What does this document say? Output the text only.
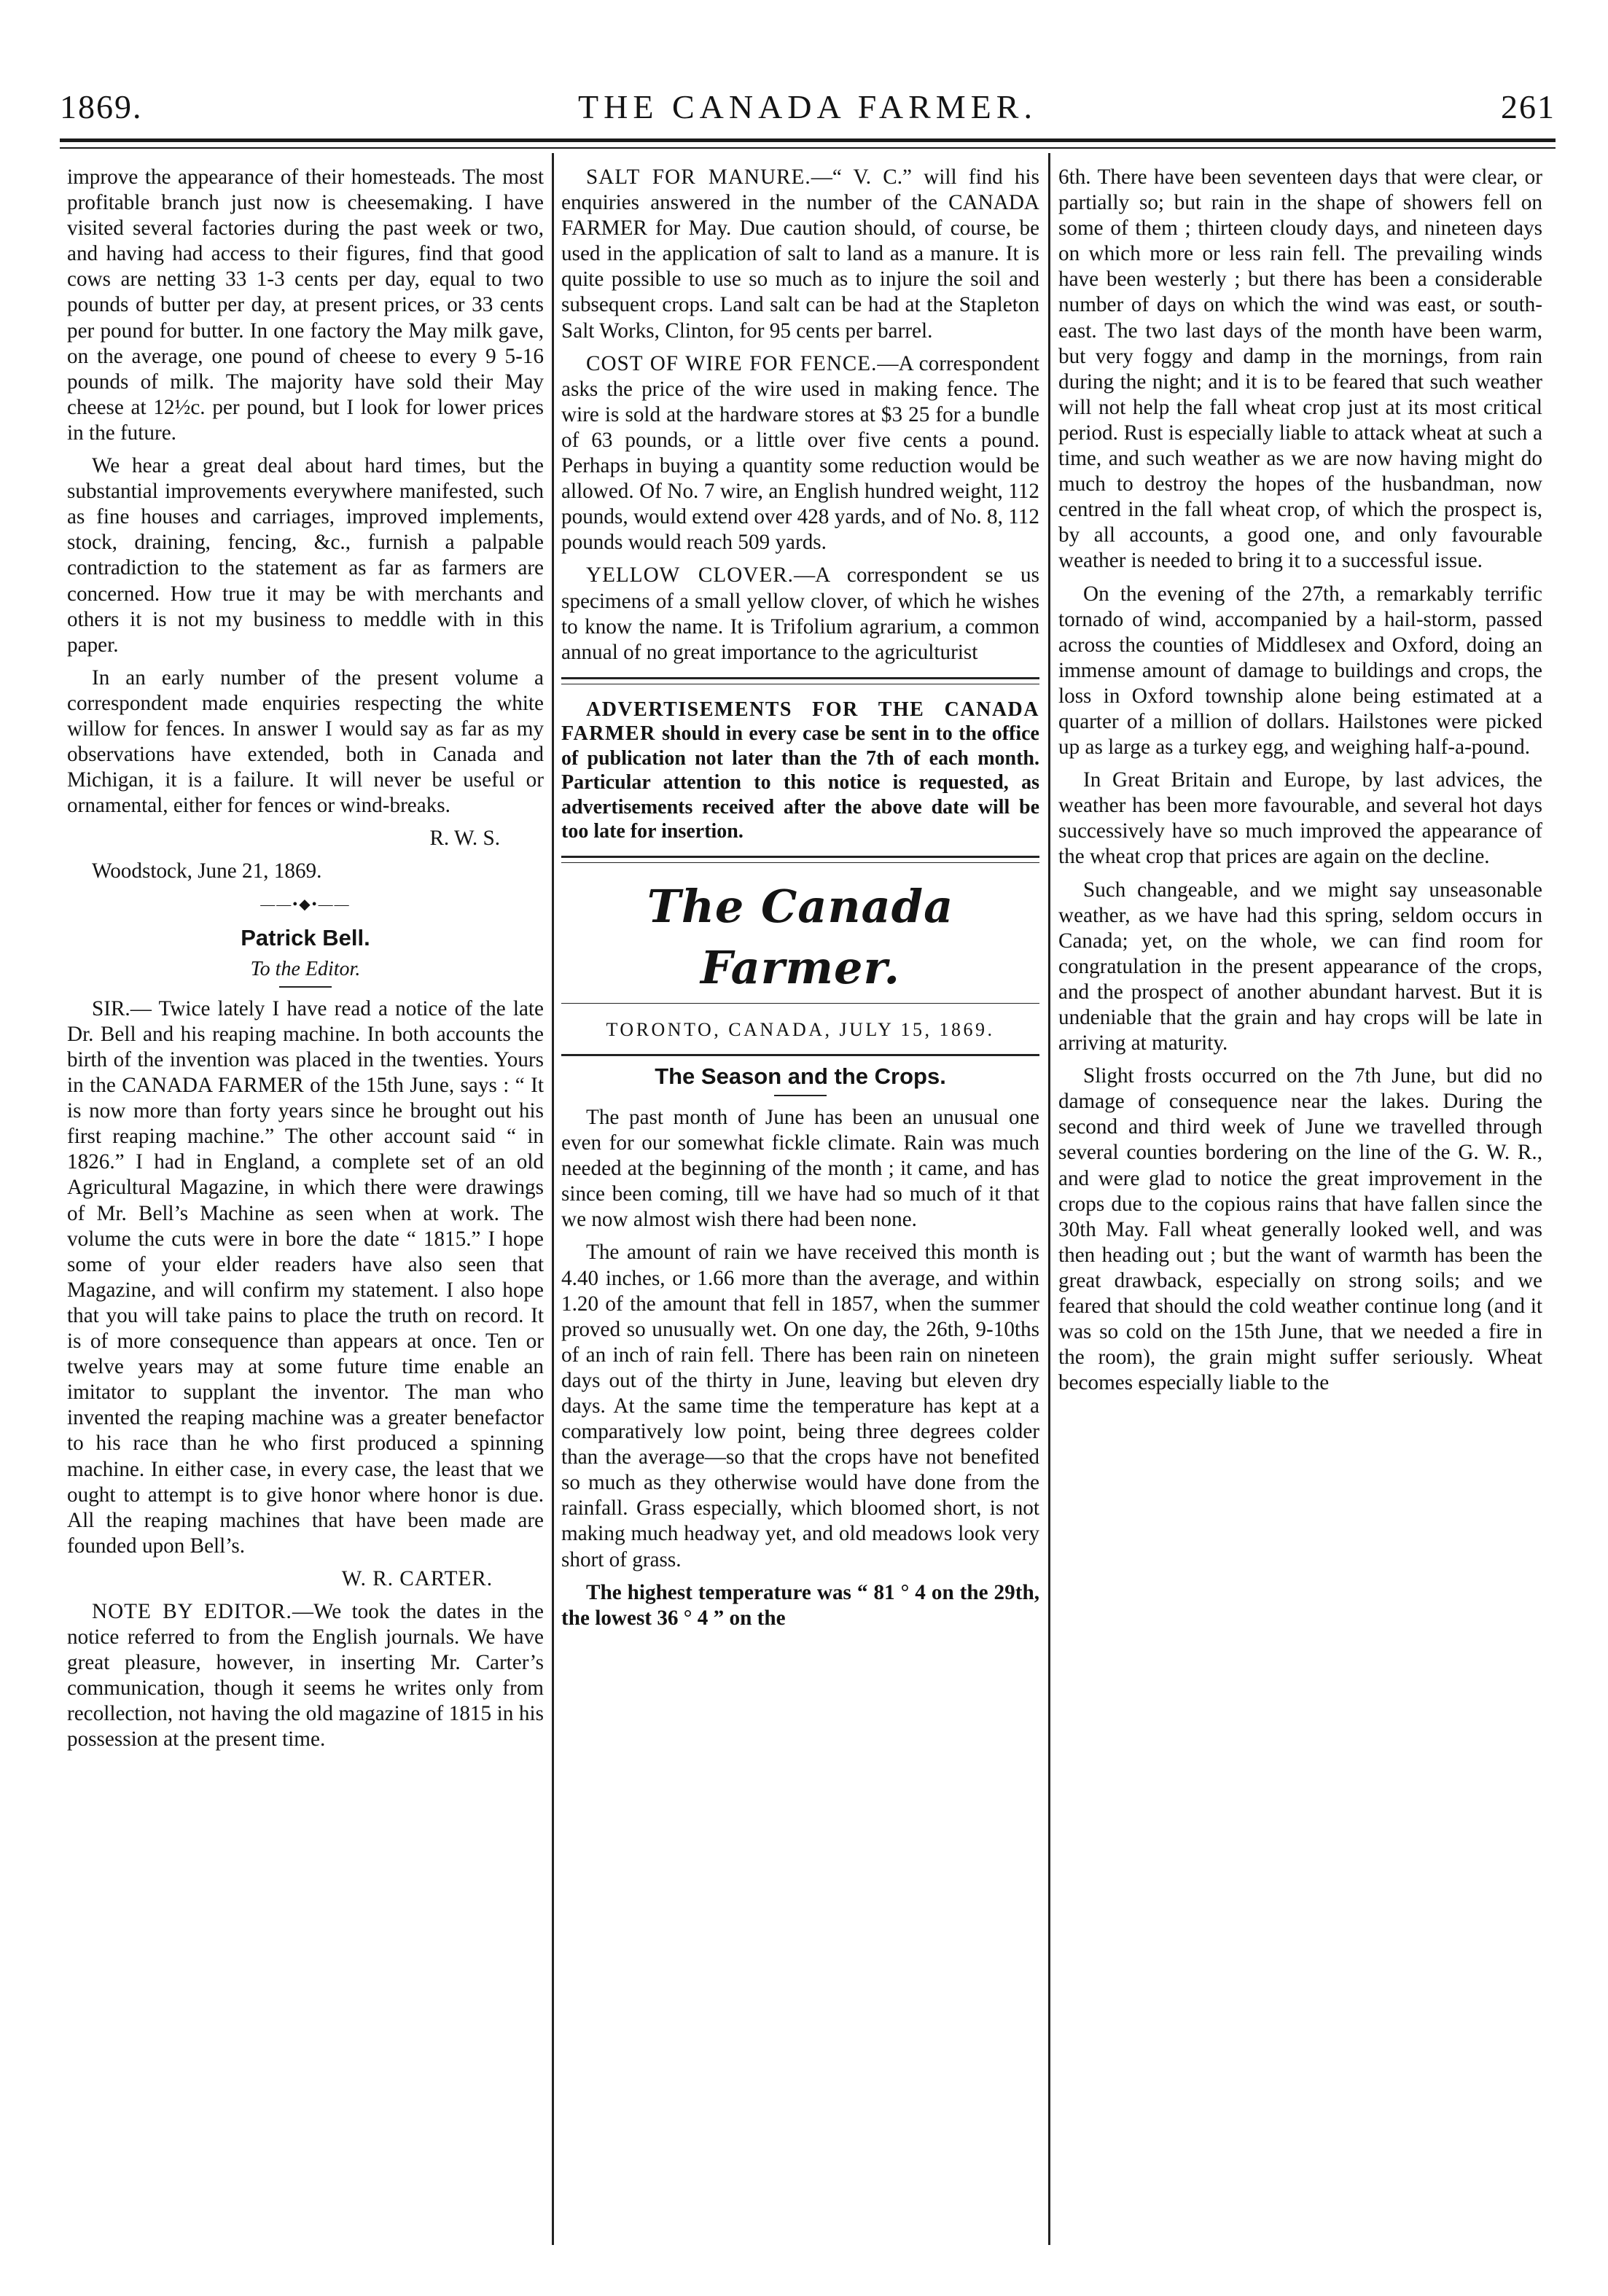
1869.	THE CANADA FARMER.	261

improve the appearance of their homesteads. The most profitable branch just now is cheesemaking. I have visited several factories during the past week or two, and having had access to their figures, find that good cows are netting 33 1-3 cents per day, equal to two pounds of butter per day, at present prices, or 33 cents per pound for butter. In one factory the May milk gave, on the average, one pound of cheese to every 9 5-16 pounds of milk. The majority have sold their May cheese at 12½c. per pound, but I look for lower prices in the future.

We hear a great deal about hard times, but the substantial improvements everywhere manifested, such as fine houses and carriages, improved implements, stock, draining, fencing, &c., furnish a palpable contradiction to the statement as far as farmers are concerned. How true it may be with merchants and others it is not my business to meddle with in this paper.

In an early number of the present volume a correspondent made enquiries respecting the white willow for fences. In answer I would say as far as my observations have extended, both in Canada and Michigan, it is a failure. It will never be useful or ornamental, either for fences or wind-breaks.

R. W. S.

Woodstock, June 21, 1869.

——•◆•——
Patrick Bell.
To the Editor.

SIR.— Twice lately I have read a notice of the late Dr. Bell and his reaping machine. In both accounts the birth of the invention was placed in the twenties. Yours in the CANADA FARMER of the 15th June, says : “ It is now more than forty years since he brought out his first reaping machine.” The other account said “ in 1826.” I had in England, a complete set of an old Agricultural Magazine, in which there were drawings of Mr. Bell’s Machine as seen when at work. The volume the cuts were in bore the date “ 1815.” I hope some of your elder readers have also seen that Magazine, and will confirm my statement. I also hope that you will take pains to place the truth on record. It is of more consequence than appears at once. Ten or twelve years may at some future time enable an imitator to supplant the inventor. The man who invented the reaping machine was a greater benefactor to his race than he who first produced a spinning machine. In either case, in every case, the least that we ought to attempt is to give honor where honor is due. All the reaping machines that have been made are founded upon Bell’s.

W. R. CARTER.

NOTE BY EDITOR.—We took the dates in the notice referred to from the English journals. We have great pleasure, however, in inserting Mr. Carter’s communication, though it seems he writes only from recollection, not having the old magazine of 1815 in his possession at the present time.

SALT FOR MANURE.—“ V. C.” will find his enquiries answered in the number of the CANADA FARMER for May. Due caution should, of course, be used in the application of salt to land as a manure. It is quite possible to use so much as to injure the soil and subsequent crops. Land salt can be had at the Stapleton Salt Works, Clinton, for 95 cents per barrel.

COST OF WIRE FOR FENCE.—A correspondent asks the price of the wire used in making fence. The wire is sold at the hardware stores at $3 25 for a bundle of 63 pounds, or a little over five cents a pound. Perhaps in buying a quantity some reduction would be allowed. Of No. 7 wire, an English hundred weight, 112 pounds, would extend over 428 yards, and of No. 8, 112 pounds would reach 509 yards.

YELLOW CLOVER.—A correspondent se us specimens of a small yellow clover, of which he wishes to know the name. It is Trifolium agrarium, a common annual of no great importance to the agriculturist

ADVERTISEMENTS FOR THE CANADA FARMER should in every case be sent in to the office of publication not later than the 7th of each month. Particular attention to this notice is requested, as advertisements received after the above date will be too late for insertion.

The Canada Farmer.
TORONTO, CANADA, JULY 15, 1869.
The Season and the Crops.

The past month of June has been an unusual one even for our somewhat fickle climate. Rain was much needed at the beginning of the month ; it came, and has since been coming, till we have had so much of it that we now almost wish there had been none.

The amount of rain we have received this month is 4.40 inches, or 1.66 more than the average, and within 1.20 of the amount that fell in 1857, when the summer proved so unusually wet. On one day, the 26th, 9-10ths of an inch of rain fell. There has been rain on nineteen days out of the thirty in June, leaving but eleven dry days. At the same time the temperature has kept at a comparatively low point, being three degrees colder than the average—so that the crops have not benefited so much as they otherwise would have done from the rainfall. Grass especially, which bloomed short, is not making much headway yet, and old meadows look very short of grass.

The highest temperature was “ 81 ° 4 on the 29th, the lowest 36 ° 4 ” on the

6th. There have been seventeen days that were clear, or partially so; but rain in the shape of showers fell on some of them ; thirteen cloudy days, and nineteen days on which more or less rain fell. The prevailing winds have been westerly ; but there has been a considerable number of days on which the wind was east, or south-east. The two last days of the month have been warm, but very foggy and damp in the mornings, from rain during the night; and it is to be feared that such weather will not help the fall wheat crop just at its most critical period. Rust is especially liable to attack wheat at such a time, and such weather as we are now having might do much to destroy the hopes of the husbandman, now centred in the fall wheat crop, of which the prospect is, by all accounts, a good one, and only favourable weather is needed to bring it to a successful issue.

On the evening of the 27th, a remarkably terrific tornado of wind, accompanied by a hail-storm, passed across the counties of Middlesex and Oxford, doing an immense amount of damage to buildings and crops, the loss in Oxford township alone being estimated at a quarter of a million of dollars. Hailstones were picked up as large as a turkey egg, and weighing half-a-pound.

In Great Britain and Europe, by last advices, the weather has been more favourable, and several hot days successively have so much improved the appearance of the wheat crop that prices are again on the decline.

Such changeable, and we might say unseasonable weather, as we have had this spring, seldom occurs in Canada; yet, on the whole, we can find room for congratulation in the present appearance of the crops, and the prospect of another abundant harvest. But it is undeniable that the grain and hay crops will be late in arriving at maturity.

Slight frosts occurred on the 7th June, but did no damage of consequence near the lakes. During the second and third week of June we travelled through several counties bordering on the line of the G. W. R., and were glad to notice the great improvement in the crops due to the copious rains that have fallen since the 30th May. Fall wheat generally looked well, and was then heading out ; but the want of warmth has been the great drawback, especially on strong soils; and we feared that should the cold weather continue long (and it was so cold on the 15th June, that we needed a fire in the room), the grain might suffer seriously. Wheat becomes especially liable to the
